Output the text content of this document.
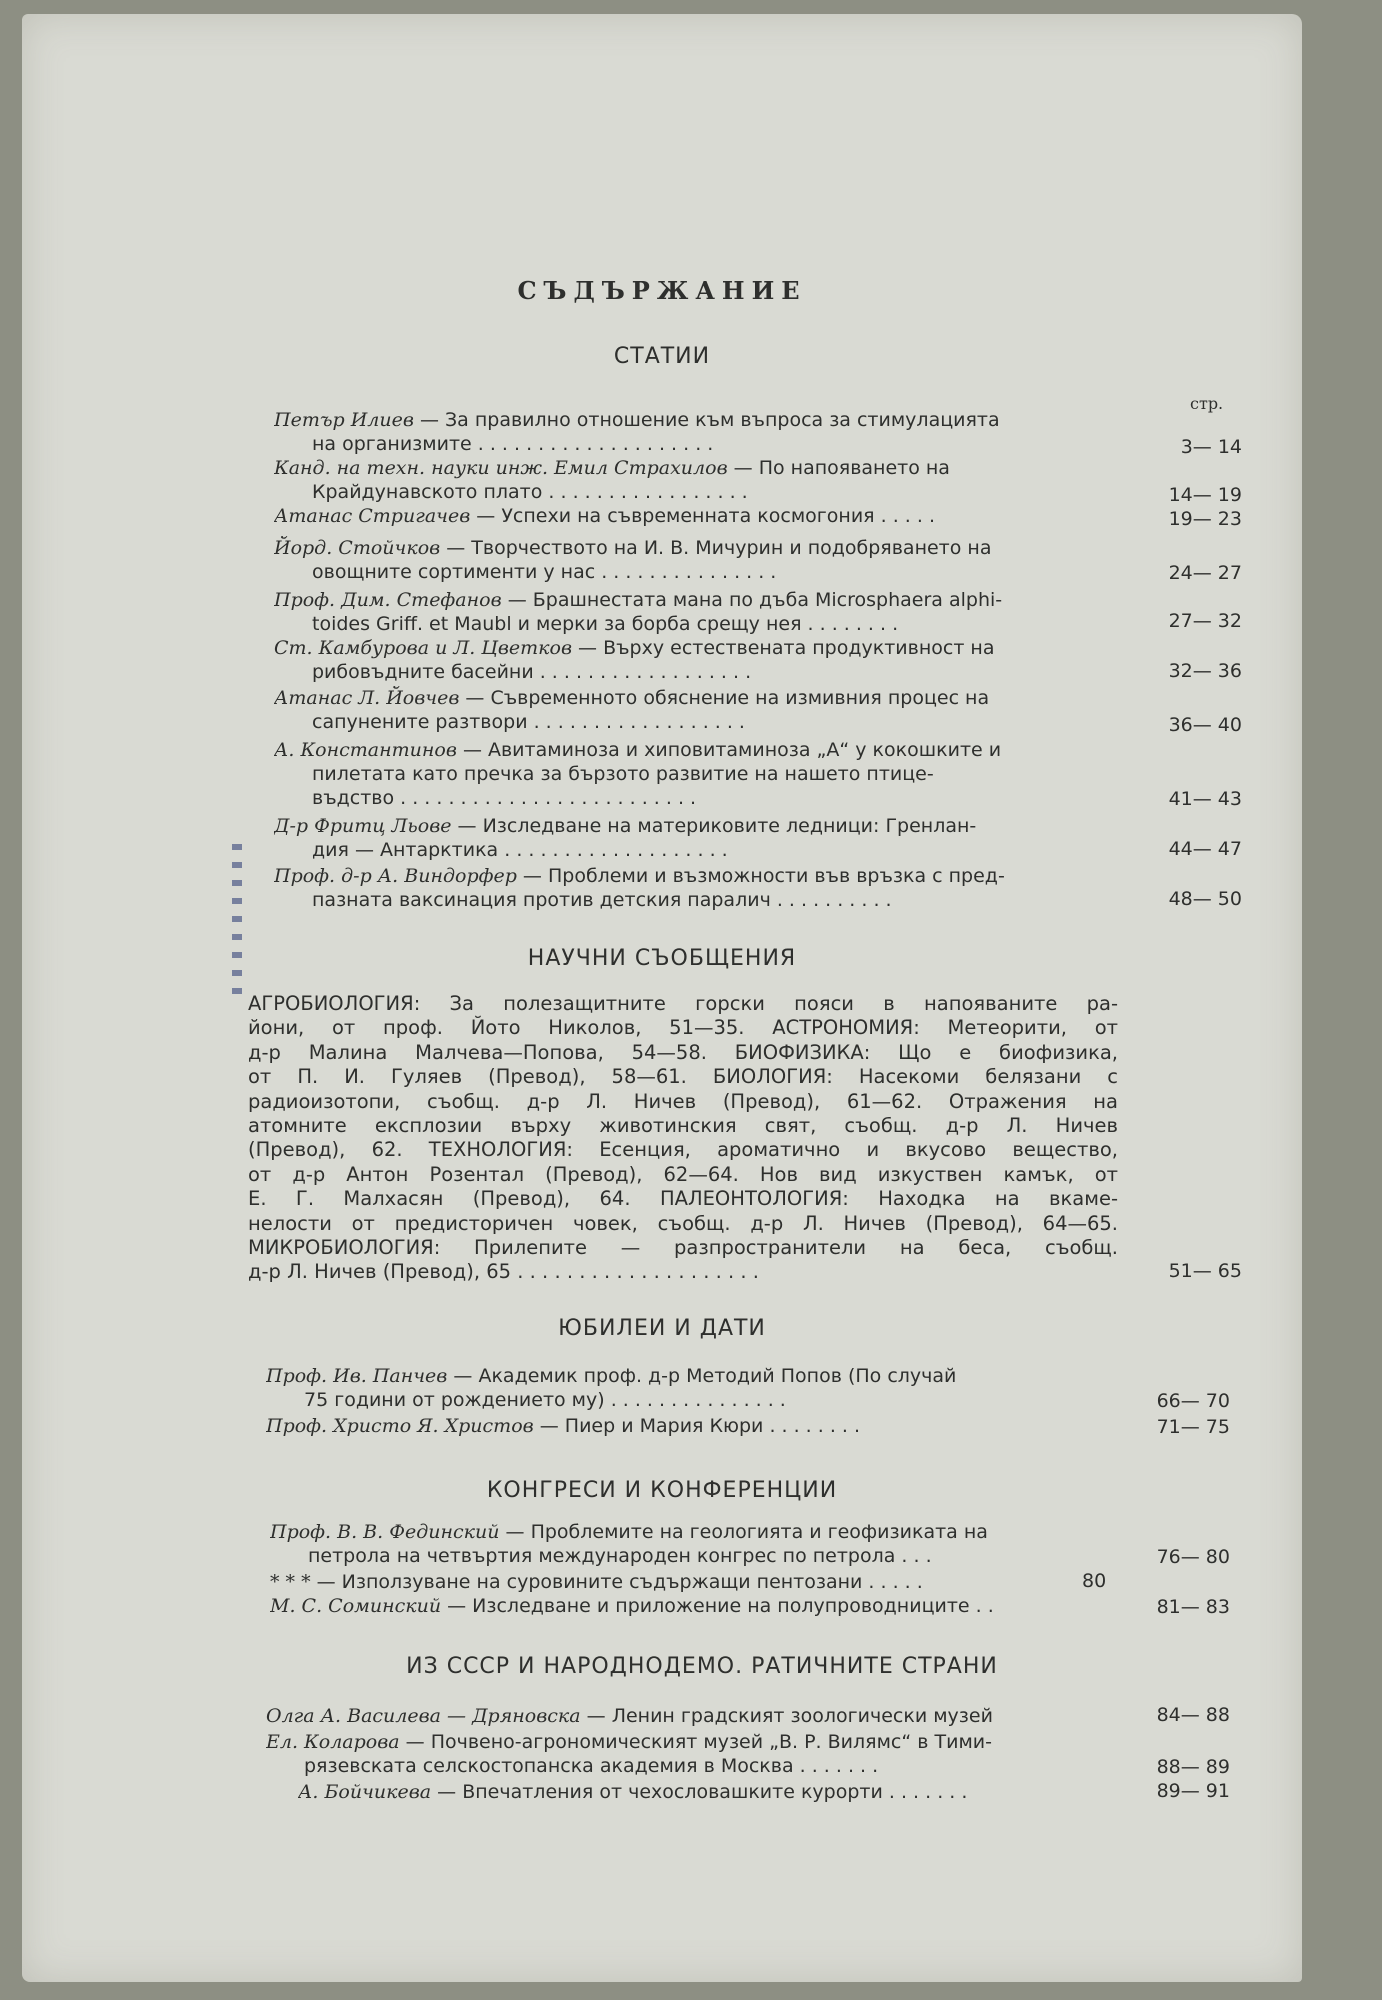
СЪДЪРЖАНИЕ
СТАТИИ
стр.
Петър Илиев — За правилно отношение към въпроса за стимулацията
на организмите . . . . . . . . . . . . . . . . . . . .	3— 14
Канд. на техн. науки инж. Емил Страхилов — По напояването на
Крайдунавското плато . . . . . . . . . . . . . . . . .	14— 19
Атанас Стригачев — Успехи на съвременната космогония . . . . .	19— 23
Йорд. Стойчков — Творчеството на И. В. Мичурин и подобряването на
овощните сортименти у нас . . . . . . . . . . . . . . .	24— 27
Проф. Дим. Стефанов — Брашнестата мана по дъба Microsphaera alphi-
toides Griff. et Maubl и мерки за борба срещу нея . . . . . . . .	27— 32
Ст. Камбурова и Л. Цветков — Върху естествената продуктивност на
рибовъдните басейни . . . . . . . . . . . . . . . . . .	32— 36
Атанас Л. Йовчев — Съвременното обяснение на измивния процес на
сапунените разтвори . . . . . . . . . . . . . . . . . .	36— 40
А. Константинов — Авитаминоза и хиповитаминоза „А“ у кокошките и
пилетата като пречка за бързото развитие на нашето птице-
въдство . . . . . . . . . . . . . . . . . . . . . . . . .	41— 43
Д-р Фритц Льове — Изследване на материковите ледници: Гренлан-
дия — Антарктика . . . . . . . . . . . . . . . . . . .	44— 47
Проф. д-р А. Виндорфер — Проблеми и възможности във връзка с пред-
пазната ваксинация против детския паралич . . . . . . . . . .	48— 50
НАУЧНИ СЪОБЩЕНИЯ
АГРОБИОЛОГИЯ: За полезащитните горски пояси в напояваните ра-
йони, от проф. Йото Николов, 51—35. АСТРОНОМИЯ: Метеорити, от
д-р Малина Малчева—Попова, 54—58. БИОФИЗИКА: Що е биофизика,
от П. И. Гуляев (Превод), 58—61. БИОЛОГИЯ: Насекоми белязани с
радиоизотопи, съобщ. д-р Л. Ничев (Превод), 61—62. Отражения на
атомните експлозии върху животинския свят, съобщ. д-р Л. Ничев
(Превод), 62. ТЕХНОЛОГИЯ: Есенция, ароматично и вкусово вещество,
от д-р Антон Розентал (Превод), 62—64. Нов вид изкуствен камък, от
Е. Г. Малхасян (Превод), 64. ПАЛЕОНТОЛОГИЯ: Находка на вкаме-
нелости от предисторичен човек, съобщ. д-р Л. Ничев (Превод), 64—65.
МИКРОБИОЛОГИЯ: Прилепите — разпространители на беса, съобщ.
д-р Л. Ничев (Превод), 65 . . . . . . . . . . . . . . . . . . . .	51— 65
ЮБИЛЕИ И ДАТИ
Проф. Ив. Панчев — Академик проф. д-р Методий Попов (По случай
75 години от рождението му) . . . . . . . . . . . . . . .	66— 70
Проф. Христо Я. Христов — Пиер и Мария Кюри . . . . . . . .	71— 75
КОНГРЕСИ И КОНФЕРЕНЦИИ
Проф. В. В. Фединский — Проблемите на геологията и геофизиката на
петрола на четвъртия международен конгрес по петрола . . .	76— 80
* * * — Използуване на суровините съдържащи пентозани . . . . .	80
М. С. Соминский — Изследване и приложение на полупроводниците . .	81— 83
ИЗ СССР И НАРОДНОДЕМО. РАТИЧНИТЕ СТРАНИ
Олга А. Василева — Дряновска — Ленин градският зоологически музей	84— 88
Ел. Коларова — Почвено-агрономическият музей „В. Р. Вилямс“ в Тими-
рязевската селскостопанска академия в Москва . . . . . . .	88— 89
А. Бойчикева — Впечатления от чехословашките курорти . . . . . . .	89— 91
